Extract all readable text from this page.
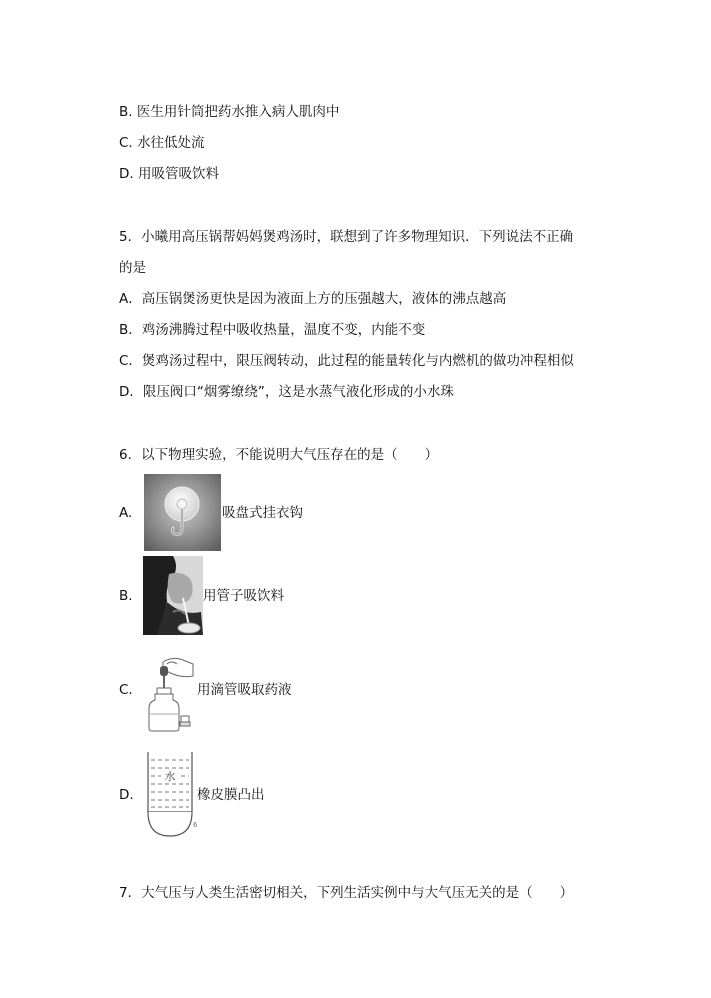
B. 医生用针筒把药水推入病人肌肉中
C. 水往低处流
D. 用吸管吸饮料
5．小曦用高压锅帮妈妈煲鸡汤时，联想到了许多物理知识．下列说法不正确
的是
A．高压锅煲汤更快是因为液面上方的压强越大，液体的沸点越高
B．鸡汤沸腾过程中吸收热量，温度不变，内能不变
C．煲鸡汤过程中，限压阀转动，此过程的能量转化与内燃机的做功冲程相似
D．限压阀口“烟雾缭绕”，这是水蒸气液化形成的小水珠
6．以下物理实验，不能说明大气压存在的是（　　）
A.	吸盘式挂衣钩
B.	用管子吸饮料
C.	用滴管吸取药液
D.
水
6
橡皮膜凸出
7．大气压与人类生活密切相关，下列生活实例中与大气压无关的是（　　）
